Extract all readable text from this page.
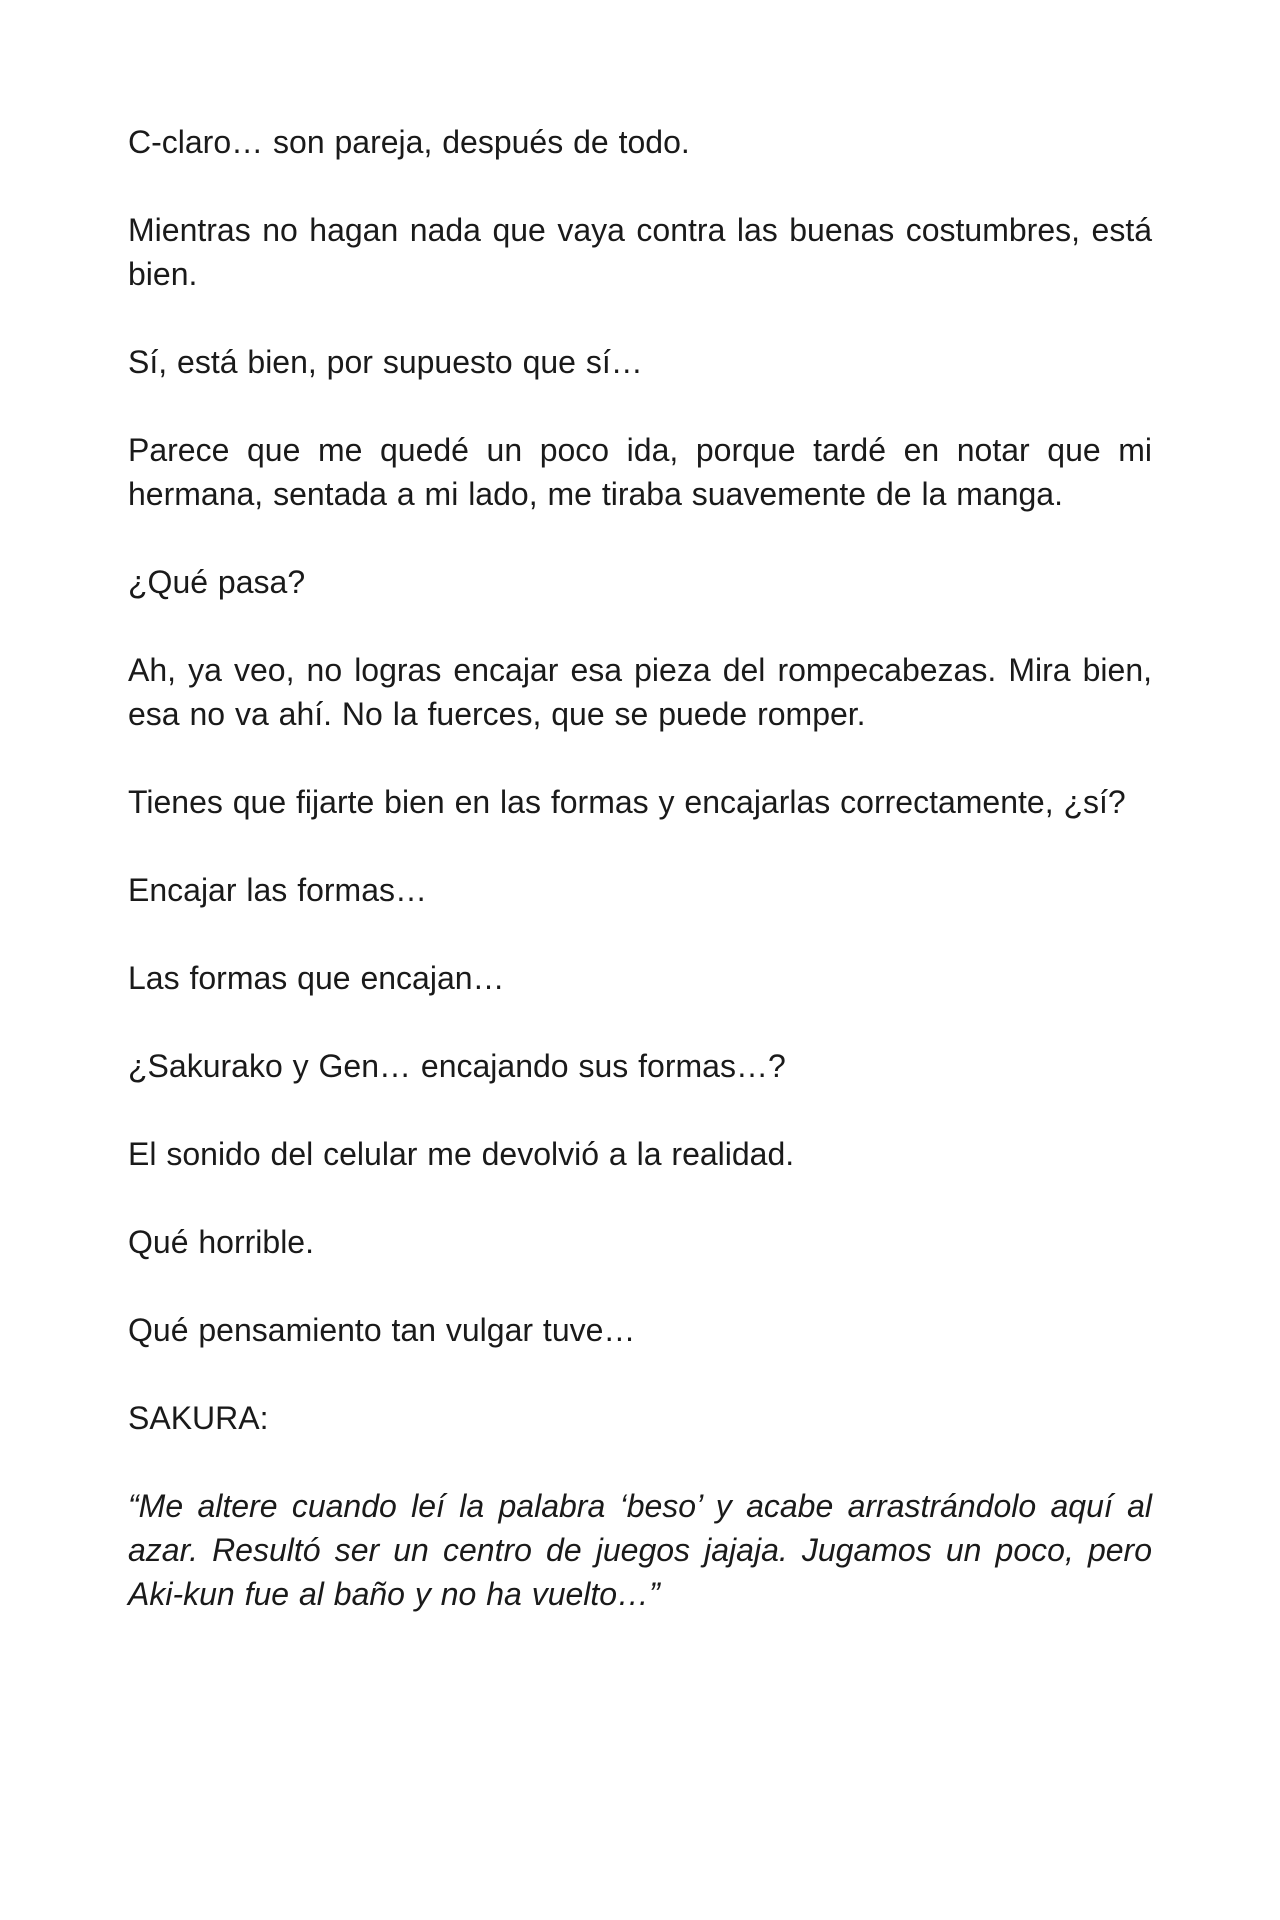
C-claro… son pareja, después de todo.

Mientras no hagan nada que vaya contra las buenas costumbres, está bien.

Sí, está bien, por supuesto que sí…

Parece que me quedé un poco ida, porque tardé en notar que mi hermana, sentada a mi lado, me tiraba suavemente de la manga.

¿Qué pasa?

Ah, ya veo, no logras encajar esa pieza del rompecabezas. Mira bien, esa no va ahí. No la fuerces, que se puede romper.

Tienes que fijarte bien en las formas y encajarlas correctamente, ¿sí?

Encajar las formas…

Las formas que encajan…

¿Sakurako y Gen… encajando sus formas…?

El sonido del celular me devolvió a la realidad.

Qué horrible.

Qué pensamiento tan vulgar tuve…

SAKURA:

“Me altere cuando leí la palabra ‘beso’ y acabe arrastrándolo aquí al azar. Resultó ser un centro de juegos jajaja. Jugamos un poco, pero Aki-kun fue al baño y no ha vuelto…”
